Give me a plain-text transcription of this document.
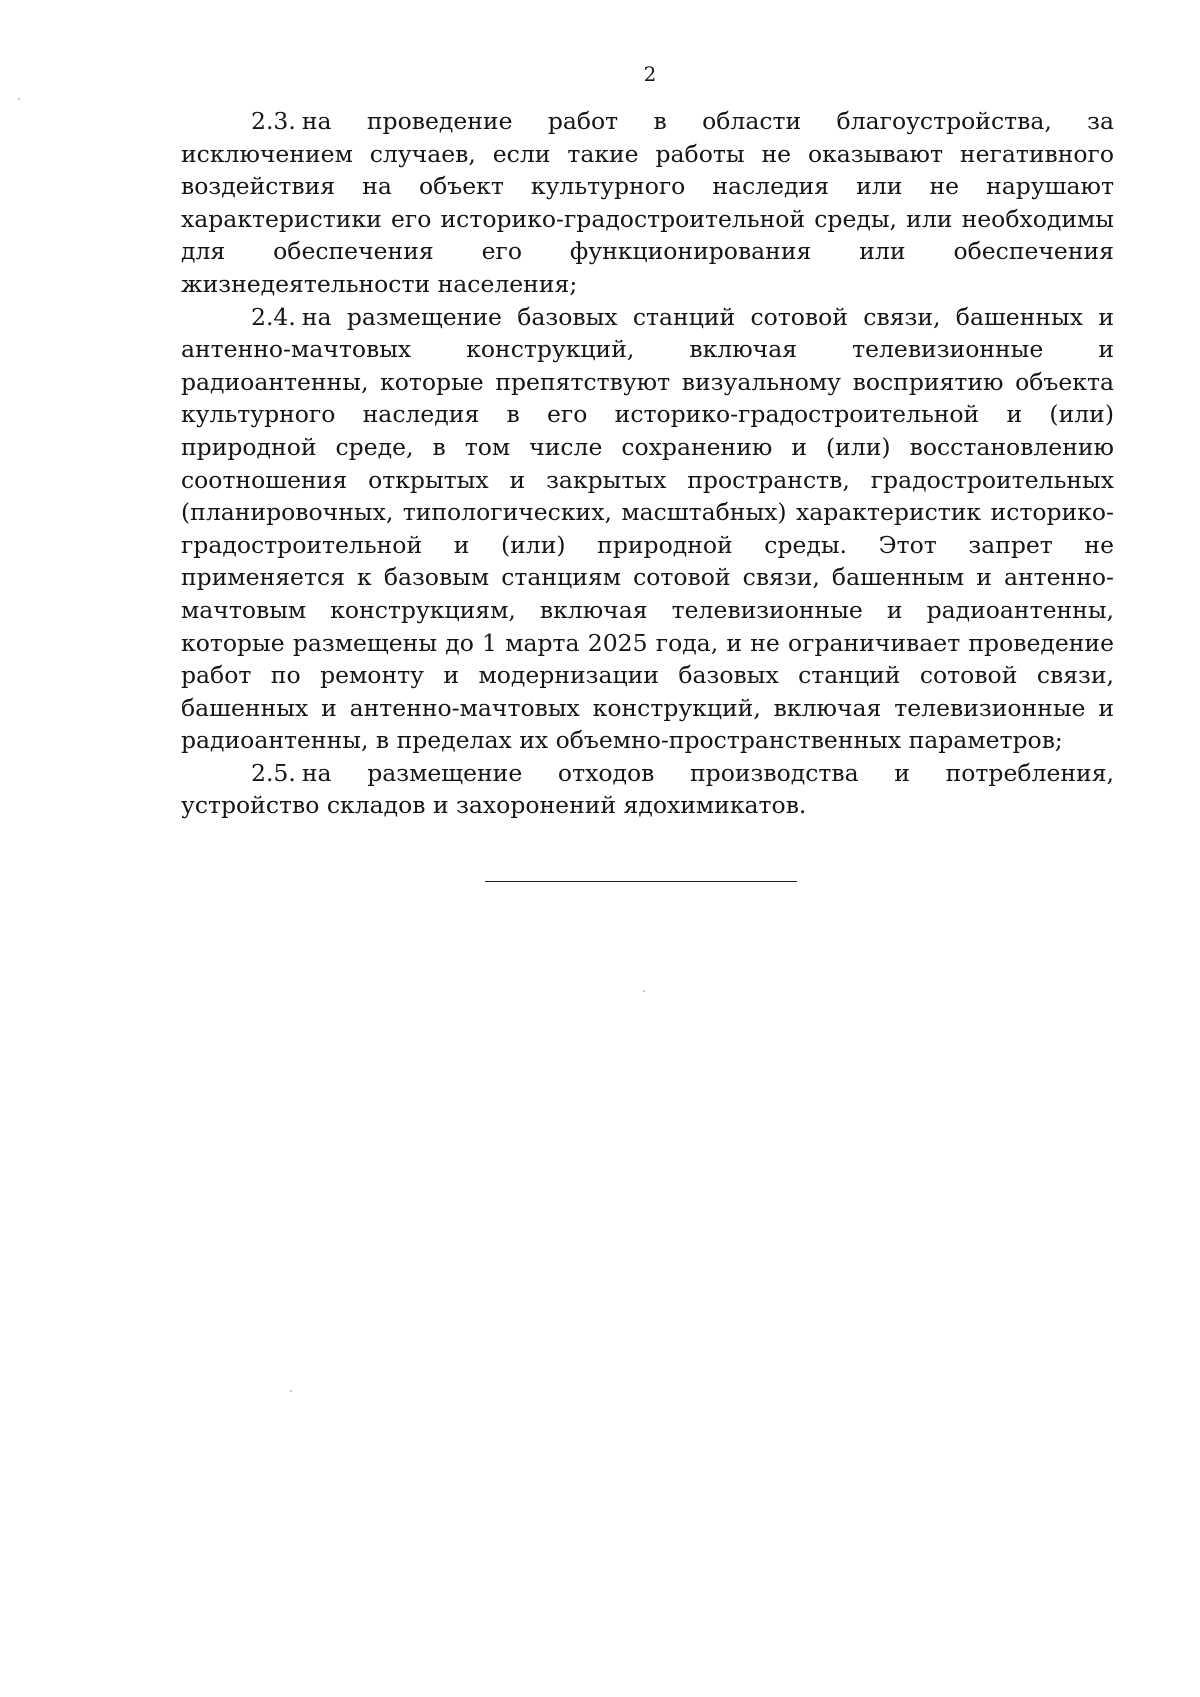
2

2.3. на проведение работ в области благоустройства, за исключением случаев, если такие работы не оказывают негативного воздействия на объект культурного наследия или не нарушают характеристики его историко-градостроительной среды, или необходимы для обеспечения его функционирования или обеспечения жизнедеятельности населения;

2.4. на размещение базовых станций сотовой связи, башенных и антенно-мачтовых конструкций, включая телевизионные и радиоантенны, которые препятствуют визуальному восприятию объекта культурного наследия в его историко-градостроительной и (или) природной среде, в том числе сохранению и (или) восстановлению соотношения открытых и закрытых пространств, градостроительных (планировочных, типологических, масштабных) характеристик историко-градостроительной и (или) природной среды. Этот запрет не применяется к базовым станциям сотовой связи, башенным и антенно-мачтовым конструкциям, включая телевизионные и радиоантенны, которые размещены до 1 марта 2025 года, и не ограничивает проведение работ по ремонту и модернизации базовых станций сотовой связи, башенных и антенно-мачтовых конструкций, включая телевизионные и радиоантенны, в пределах их объемно-пространственных параметров;

2.5. на размещение отходов производства и потребления, устройство складов и захоронений ядохимикатов.
